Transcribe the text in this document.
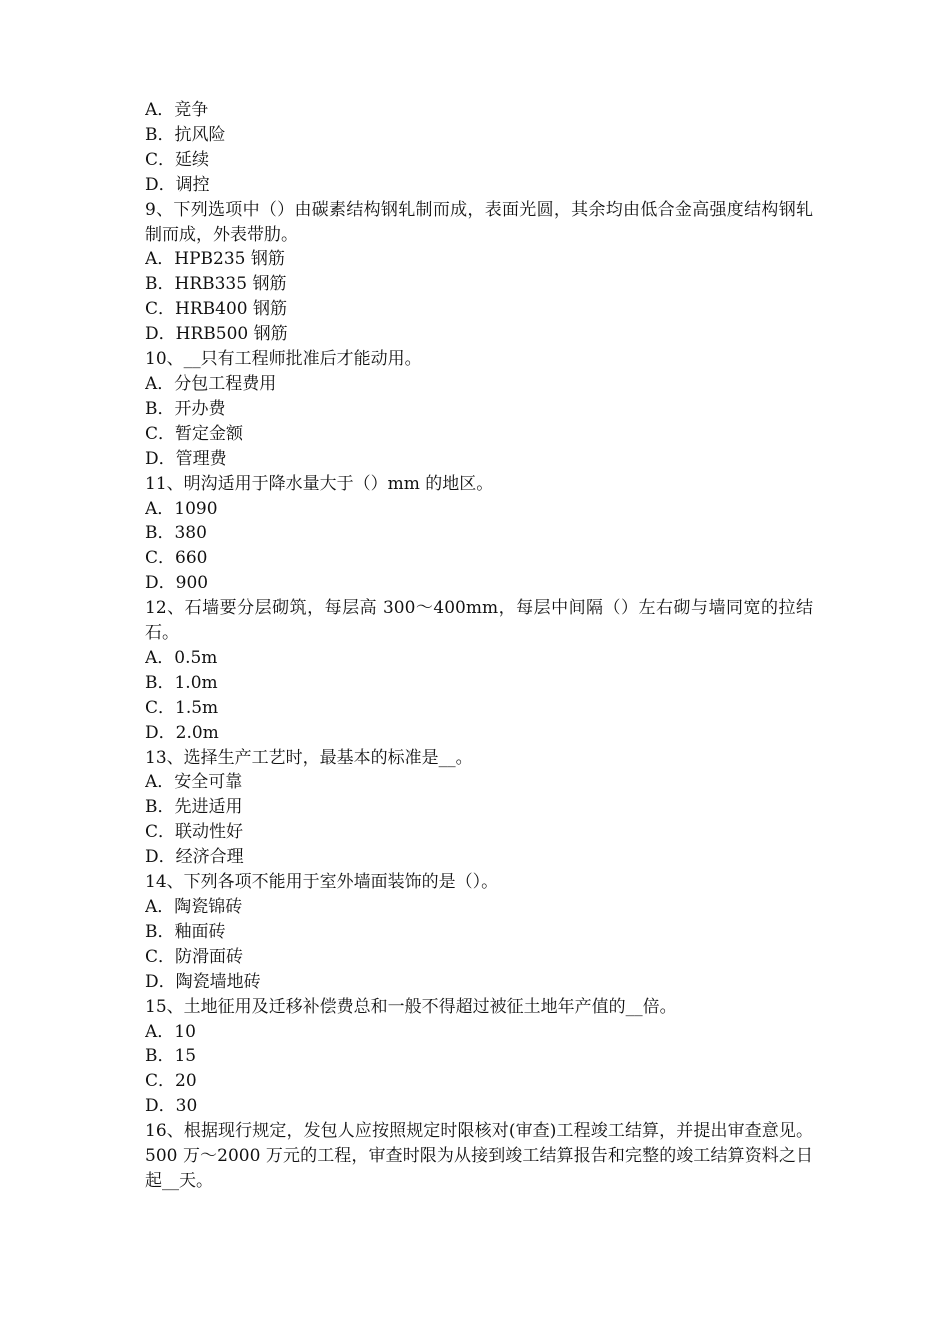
A．竞争

B．抗风险

C．延续

D．调控

9、下列选项中（）由碳素结构钢轧制而成，表面光圆，其余均由低合金高强度结构钢轧制而成，外表带肋。

A．HPB235 钢筋

B．HRB335 钢筋

C．HRB400 钢筋

D．HRB500 钢筋

10、__只有工程师批准后才能动用。

A．分包工程费用

B．开办费

C．暂定金额

D．管理费

11、明沟适用于降水量大于（）mm 的地区。

A．1090

B．380

C．660

D．900

12、石墙要分层砌筑，每层高 300～400mm，每层中间隔（）左右砌与墙同宽的拉结石。

A．0.5m

B．1.0m

C．1.5m

D．2.0m

13、选择生产工艺时，最基本的标准是__。

A．安全可靠

B．先进适用

C．联动性好

D．经济合理

14、下列各项不能用于室外墙面装饰的是（）。

A．陶瓷锦砖

B．釉面砖

C．防滑面砖

D．陶瓷墙地砖

15、土地征用及迁移补偿费总和一般不得超过被征土地年产值的__倍。

A．10

B．15

C．20

D．30

16、根据现行规定，发包人应按照规定时限核对(审查)工程竣工结算，并提出审查意见。500 万～2000 万元的工程，审查时限为从接到竣工结算报告和完整的竣工结算资料之日起__天。
